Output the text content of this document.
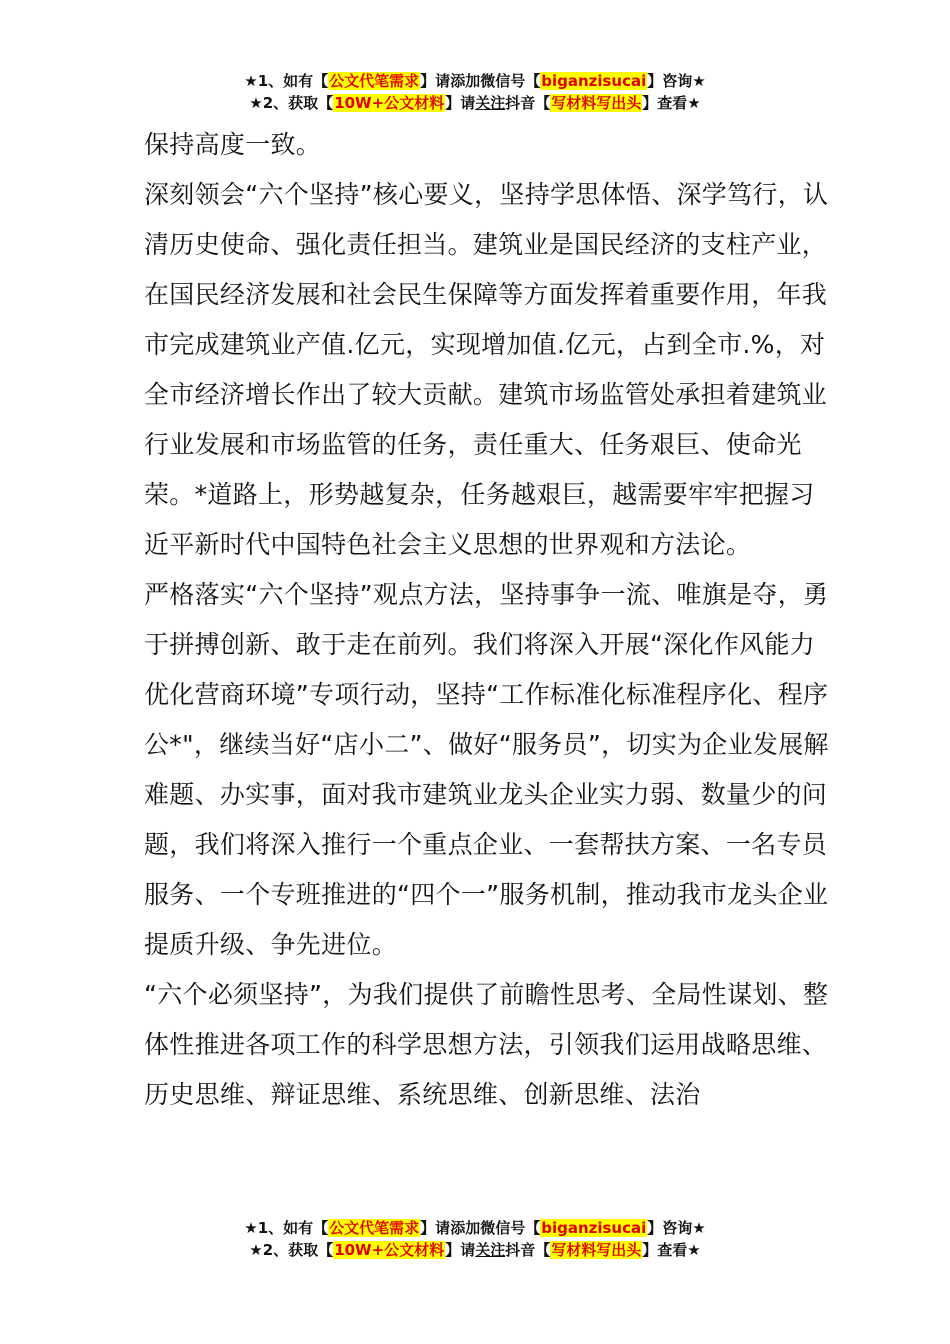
★1、如有【公文代笔需求】请添加微信号【biganzisucai】咨询★
★2、获取【10W+公文材料】请关注抖音【写材料写出头】查看★

保持高度一致。

深刻领会“六个坚持”核心要义，坚持学思体悟、深学笃行，认清历史使命、强化责任担当。建筑业是国民经济的支柱产业，在国民经济发展和社会民生保障等方面发挥着重要作用，年我市完成建筑业产值.亿元，实现增加值.亿元，占到全市.%，对全市经济增长作出了较大贡献。建筑市场监管处承担着建筑业行业发展和市场监管的任务，责任重大、任务艰巨、使命光荣。*道路上，形势越复杂，任务越艰巨，越需要牢牢把握习近平新时代中国特色社会主义思想的世界观和方法论。

严格落实“六个坚持”观点方法，坚持事争一流、唯旗是夺，勇于拼搏创新、敢于走在前列。我们将深入开展“深化作风能力优化营商环境”专项行动，坚持“工作标准化标准程序化、程序公*"，继续当好“店小二”、做好“服务员”，切实为企业发展解难题、办实事，面对我市建筑业龙头企业实力弱、数量少的问题，我们将深入推行一个重点企业、一套帮扶方案、一名专员服务、一个专班推进的“四个一”服务机制，推动我市龙头企业提质升级、争先进位。

“六个必须坚持”，为我们提供了前瞻性思考、全局性谋划、整体性推进各项工作的科学思想方法，引领我们运用战略思维、历史思维、辩证思维、系统思维、创新思维、法治

★1、如有【公文代笔需求】请添加微信号【biganzisucai】咨询★
★2、获取【10W+公文材料】请关注抖音【写材料写出头】查看★
